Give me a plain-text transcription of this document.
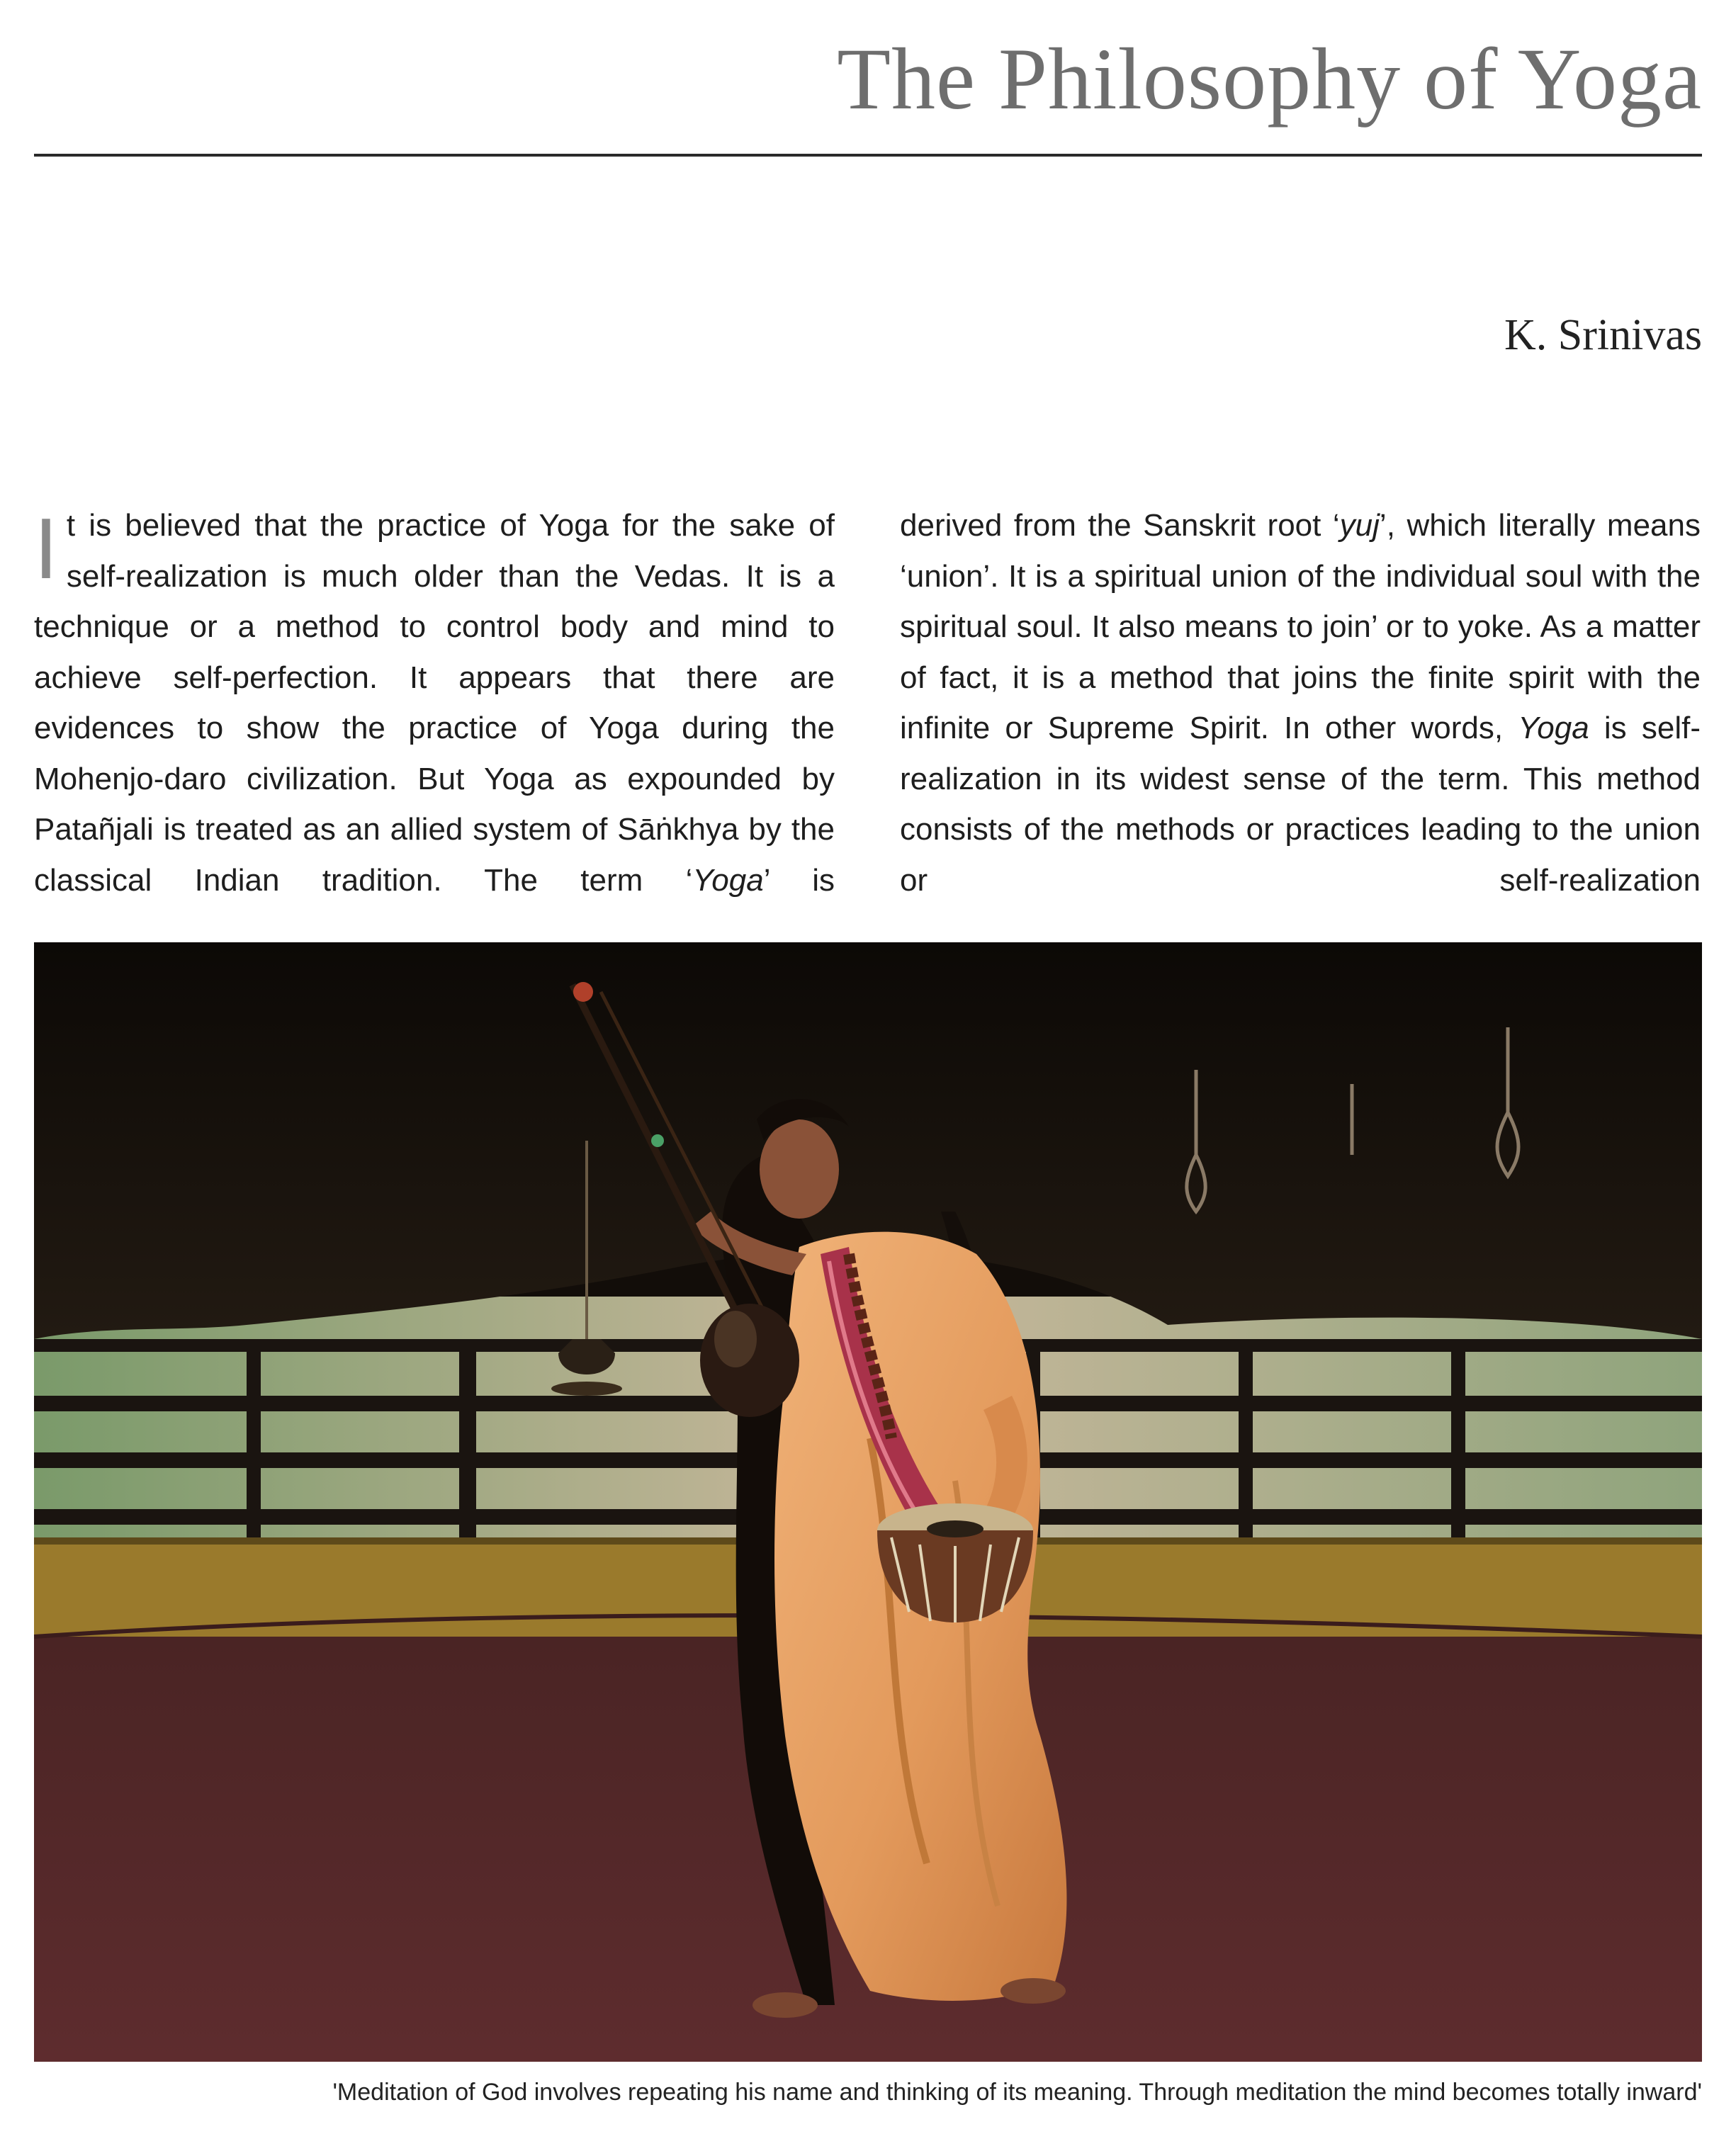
The Philosophy of Yoga
K. Srinivas

It is believed that the practice of Yoga for the sake of self-realization is much older than the Vedas. It is a technique or a method to control body and mind to achieve self-perfection. It appears that there are evidences to show the practice of Yoga during the Mohenjo-daro civilization. But Yoga as expounded by Patañjali is treated as an allied system of Sāṅkhya by the classical Indian tradition. The term ‘Yoga’ is

derived from the Sanskrit root ‘yuj’, which literally means ‘union’. It is a spiritual union of the individual soul with the spiritual soul. It also means to join’ or to yoke. As a matter of fact, it is a method that joins the finite spirit with the infinite or Supreme Spirit. In other words, Yoga is self-realization in its widest sense of the term. This method consists of the methods or practices leading to the union or self-realization

'Meditation of God involves repeating his name and thinking of its meaning. Through meditation the mind becomes totally inward'
